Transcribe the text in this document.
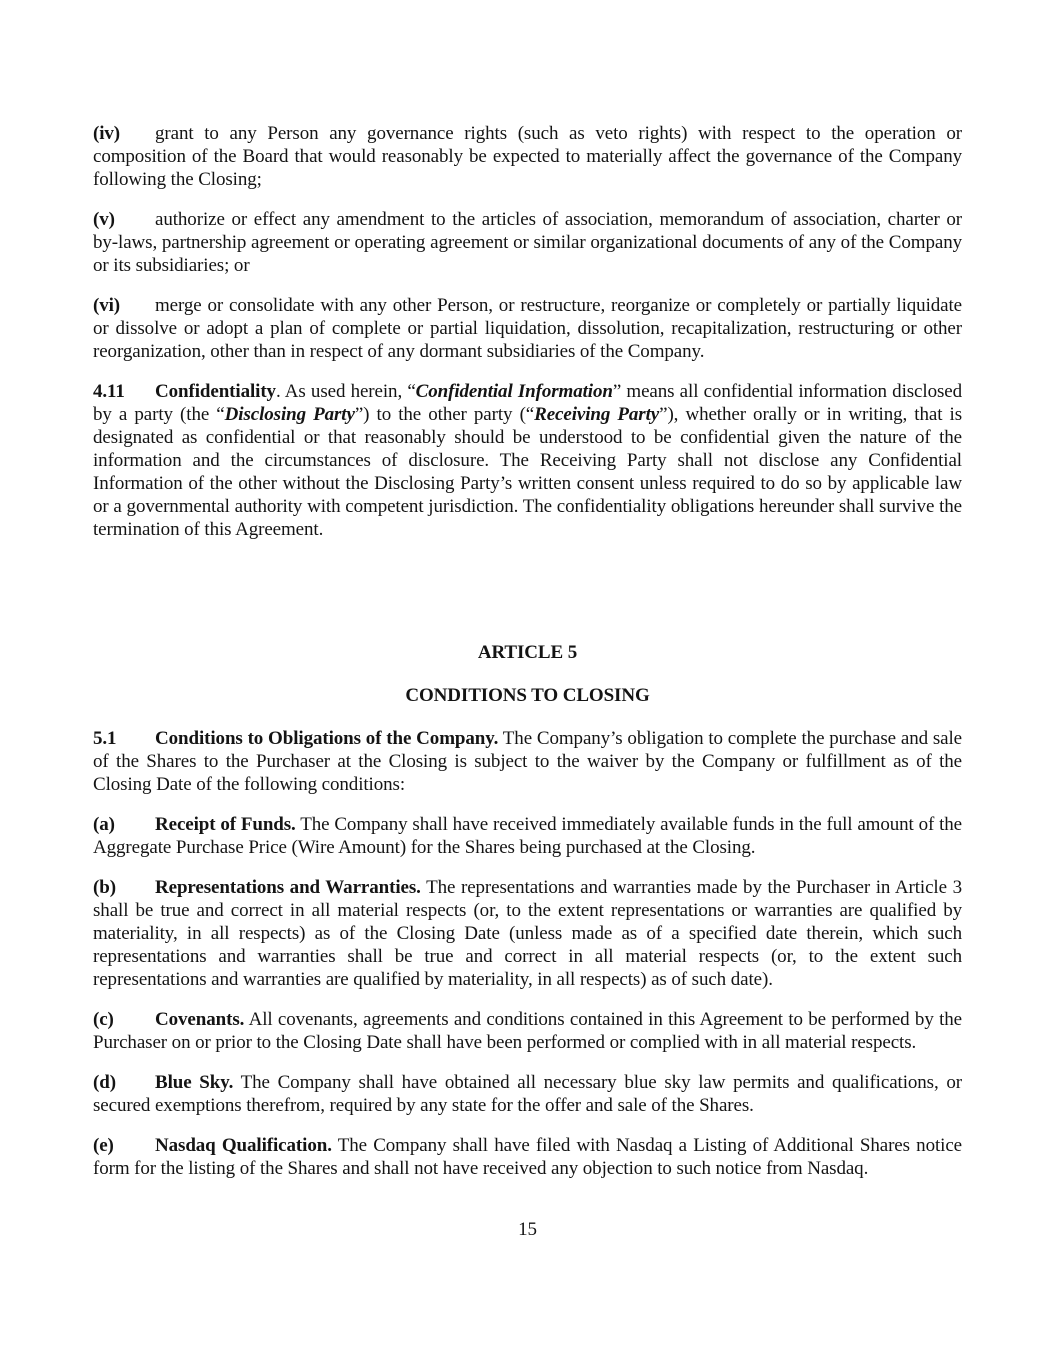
(iv) grant to any Person any governance rights (such as veto rights) with respect to the operation or composition of the Board that would reasonably be expected to materially affect the governance of the Company following the Closing;

(v) authorize or effect any amendment to the articles of association, memorandum of association, charter or by-laws, partnership agreement or operating agreement or similar organizational documents of any of the Company or its subsidiaries; or

(vi) merge or consolidate with any other Person, or restructure, reorganize or completely or partially liquidate or dissolve or adopt a plan of complete or partial liquidation, dissolution, recapitalization, restructuring or other reorganization, other than in respect of any dormant subsidiaries of the Company.

4.11 Confidentiality. As used herein, “Confidential Information” means all confidential information disclosed by a party (the “Disclosing Party”) to the other party (“Receiving Party”), whether orally or in writing, that is designated as confidential or that reasonably should be understood to be confidential given the nature of the information and the circumstances of disclosure. The Receiving Party shall not disclose any Confidential Information of the other without the Disclosing Party’s written consent unless required to do so by applicable law or a governmental authority with competent jurisdiction. The confidentiality obligations hereunder shall survive the termination of this Agreement.

ARTICLE 5
CONDITIONS TO CLOSING

5.1 Conditions to Obligations of the Company. The Company’s obligation to complete the purchase and sale of the Shares to the Purchaser at the Closing is subject to the waiver by the Company or fulfillment as of the Closing Date of the following conditions:

(a) Receipt of Funds. The Company shall have received immediately available funds in the full amount of the Aggregate Purchase Price (Wire Amount) for the Shares being purchased at the Closing.

(b) Representations and Warranties. The representations and warranties made by the Purchaser in Article 3 shall be true and correct in all material respects (or, to the extent representations or warranties are qualified by materiality, in all respects) as of the Closing Date (unless made as of a specified date therein, which such representations and warranties shall be true and correct in all material respects (or, to the extent such representations and warranties are qualified by materiality, in all respects) as of such date).

(c) Covenants. All covenants, agreements and conditions contained in this Agreement to be performed by the Purchaser on or prior to the Closing Date shall have been performed or complied with in all material respects.

(d) Blue Sky. The Company shall have obtained all necessary blue sky law permits and qualifications, or secured exemptions therefrom, required by any state for the offer and sale of the Shares.

(e) Nasdaq Qualification. The Company shall have filed with Nasdaq a Listing of Additional Shares notice form for the listing of the Shares and shall not have received any objection to such notice from Nasdaq.

15
